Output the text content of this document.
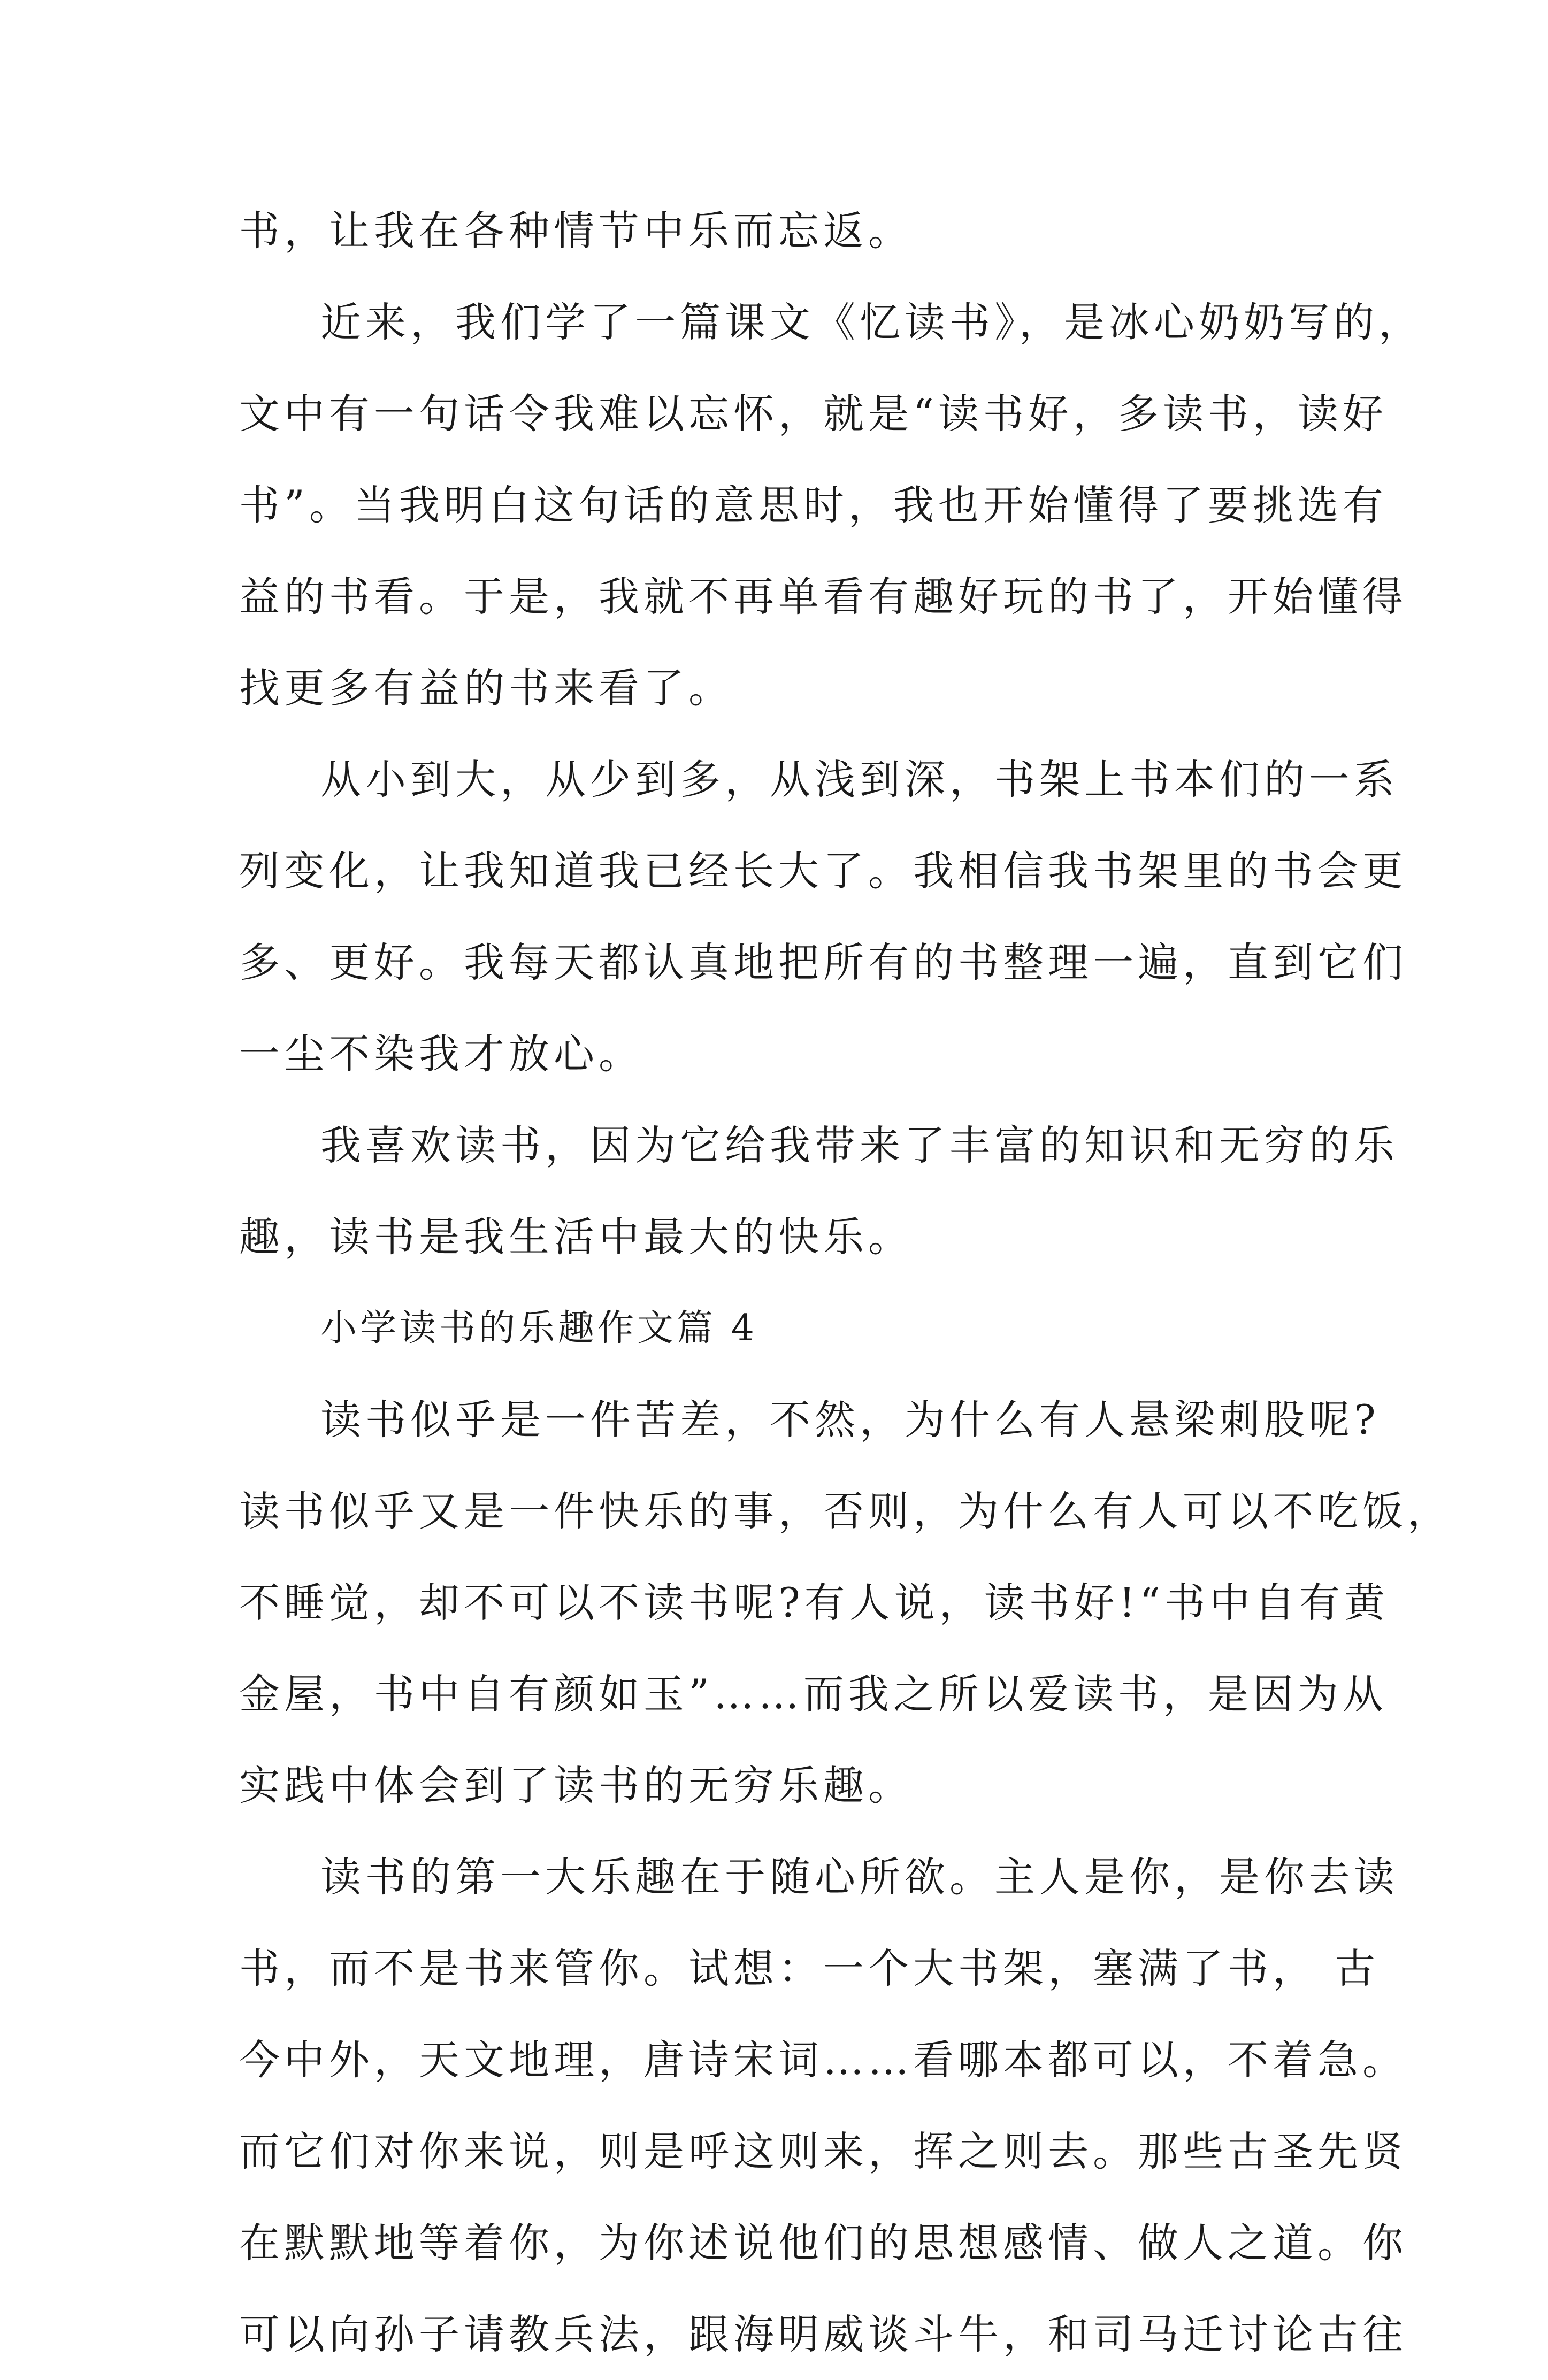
书，让我在各种情节中乐而忘返。
近来，我们学了一篇课文《忆读书》，是冰心奶奶写的，
文中有一句话令我难以忘怀，就是“读书好，多读书，读好
书”。当我明白这句话的意思时，我也开始懂得了要挑选有
益的书看。于是，我就不再单看有趣好玩的书了，开始懂得
找更多有益的书来看了。
从小到大，从少到多，从浅到深，书架上书本们的一系
列变化，让我知道我已经长大了。我相信我书架里的书会更
多、更好。我每天都认真地把所有的书整理一遍，直到它们
一尘不染我才放心。
我喜欢读书，因为它给我带来了丰富的知识和无穷的乐
趣，读书是我生活中最大的快乐。
小学读书的乐趣作文篇 4
读书似乎是一件苦差，不然，为什么有人悬梁刺股呢?
读书似乎又是一件快乐的事，否则，为什么有人可以不吃饭，
不睡觉，却不可以不读书呢?有人说，读书好!“书中自有黄
金屋，书中自有颜如玉”……而我之所以爱读书，是因为从
实践中体会到了读书的无穷乐趣。
读书的第一大乐趣在于随心所欲。主人是你，是你去读
书，而不是书来管你。试想：一个大书架，塞满了书， 古
今中外，天文地理，唐诗宋词……看哪本都可以，不着急。
而它们对你来说，则是呼这则来，挥之则去。那些古圣先贤
在默默地等着你，为你述说他们的思想感情、做人之道。你
可以向孙子请教兵法，跟海明威谈斗牛，和司马迁讨论古往
